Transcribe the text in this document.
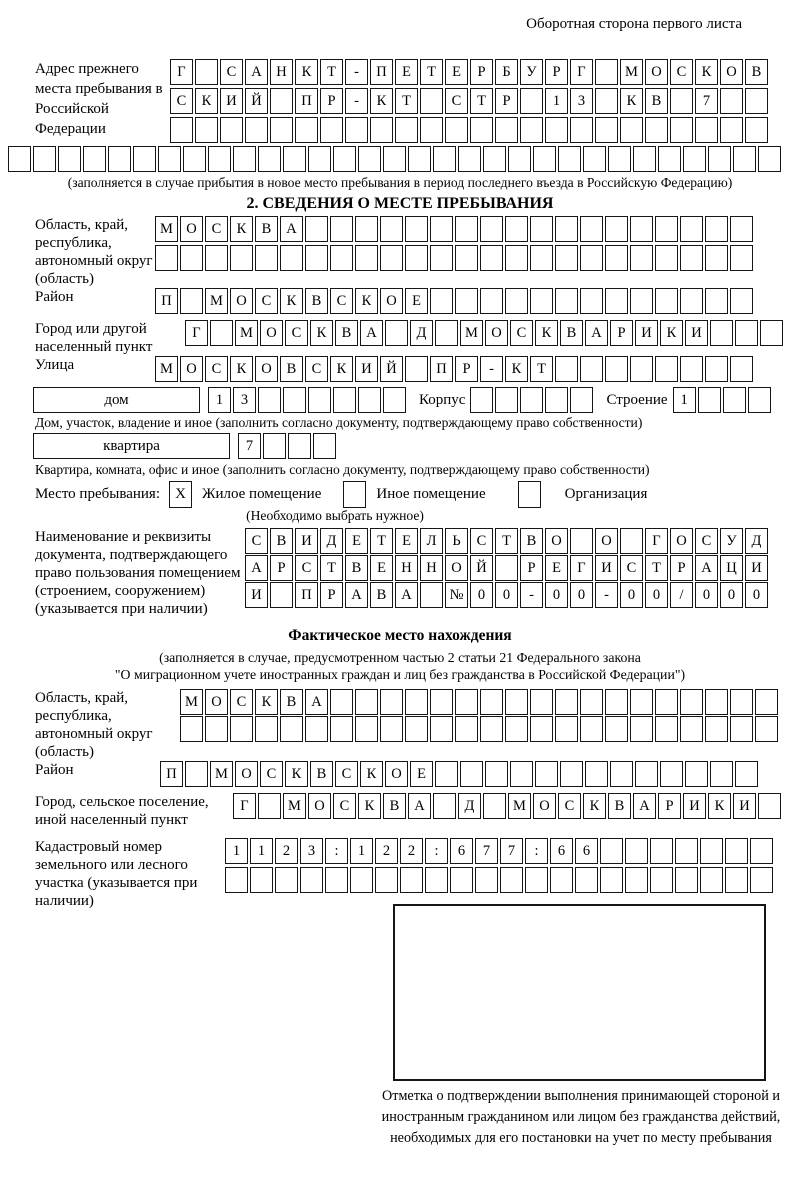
Оборотная сторона первого листа
Адрес прежнего места пребывания в Российской Федерации
Г	С	А	Н	К	Т	-	П	Е	Т	Е	Р	Б	У	Р	Г	М О	С	К	О	В
С	К	И	Й	П	Р	-	К	Т	С	Т	Р	1	3	К	В	7
(заполняется в случае прибытия в новое место пребывания в период последнего въезда в Российскую Федерацию)
2. СВЕДЕНИЯ О МЕСТЕ ПРЕБЫВАНИЯ
Область, край, республика, автономный округ (область)
М О	С	К	В	А
Район	П	М О	С	К	В	С	К	О	Е
Город или другой населенный пункт
Г	М О	С	К	В	А	Д	М О	С	К	В	А	Р	И	К	И
Улица	М О	С	К	О	В	С	К	И	Й	П	Р	-	К	Т
дом	1	3	Корпус	Строение 1
Дом, участок, владение и иное (заполнить согласно документу, подтверждающему право собственности)
квартира	7
Квартира, комната, офис и иное (заполнить согласно документу, подтверждающему право собственности)
Место пребывания:	X	Жилое помещение	Иное помещение	Организация
(Необходимо выбрать нужное)
Наименование и реквизиты документа, подтверждающего право пользования помещением (строением, сооружением) (указывается при наличии)
С	В	И	Д	Е	Т	Е	Л	Ь	С	Т	В	О	О	Г	О	С	У	Д
А	Р	С	Т	В	Е	Н	Н	О	Й	Р	Е	Г	И	С	Т	Р	А	Ц	И
И	П	Р	А	В	А	№ 0	0	-	0	0	-	0	0	/	0	0	0
Фактическое место нахождения
(заполняется в случае, предусмотренном частью 2 статьи 21 Федерального закона
"О миграционном учете иностранных граждан и лиц без гражданства в Российской Федерации")
Область, край, республика, автономный округ (область)
М О	С	К	В	А
Район	П	М О	С	К	В	С	К	О	Е
Город, сельское поселение, иной населенный пункт
Г	М О	С	К	В	А	Д	М О	С	К	В	А	Р	И	К	И
Кадастровый номер земельного или лесного участка (указывается при наличии)
1	1	2	3	:	1	2	2	:	6	7	7	:	6	6
Отметка о подтверждении выполнения принимающей стороной и иностранным гражданином или лицом без гражданства действий, необходимых для его постановки на учет по месту пребывания
